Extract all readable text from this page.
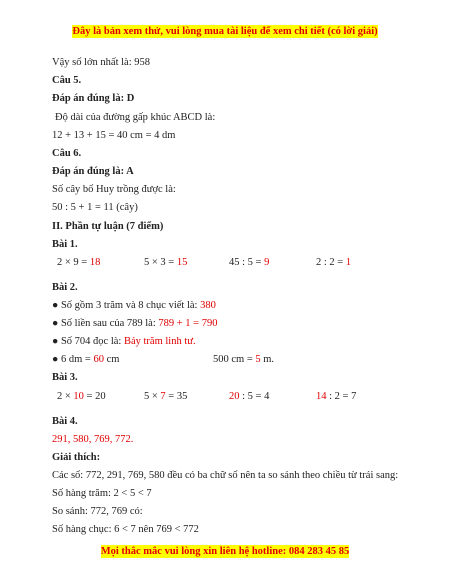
Đây là bản xem thử, vui lòng mua tài liệu để xem chi tiết (có lời giải)
Vậy số lớn nhất là: 958
Câu 5.
Đáp án đúng là: D
Độ dài của đường gấp khúc ABCD là:
12 + 13 + 15 = 40 cm = 4 dm
Câu 6.
Đáp án đúng là: A
Số cây bố Huy trồng được là:
50 : 5 + 1 = 11 (cây)
II. Phần tự luận (7 điểm)
Bài 1.
2 × 9 = 18	5 × 3 = 15	45 : 5 = 9	2 : 2 = 1
Bài 2.
● Số gồm 3 trăm và 8 chục viết là: 380
● Số liền sau của 789 là: 789 + 1 = 790
● Số 704 đọc là: Bảy trăm linh tư.
● 6 dm = 60 cm	500 cm = 5 m.
Bài 3.
2 × 10 = 20	5 × 7 = 35	20 : 5 = 4	14 : 2 = 7
Bài 4.
291, 580, 769, 772.
Giải thích:
Các số: 772, 291, 769, 580 đều có ba chữ số nên ta so sánh theo chiều từ trái sang:
Số hàng trăm: 2 < 5 < 7
So sánh: 772, 769 có:
Số hàng chục: 6 < 7 nên 769 < 772
Mọi thắc mắc vui lòng xin liên hệ hotline: 084 283 45 85
